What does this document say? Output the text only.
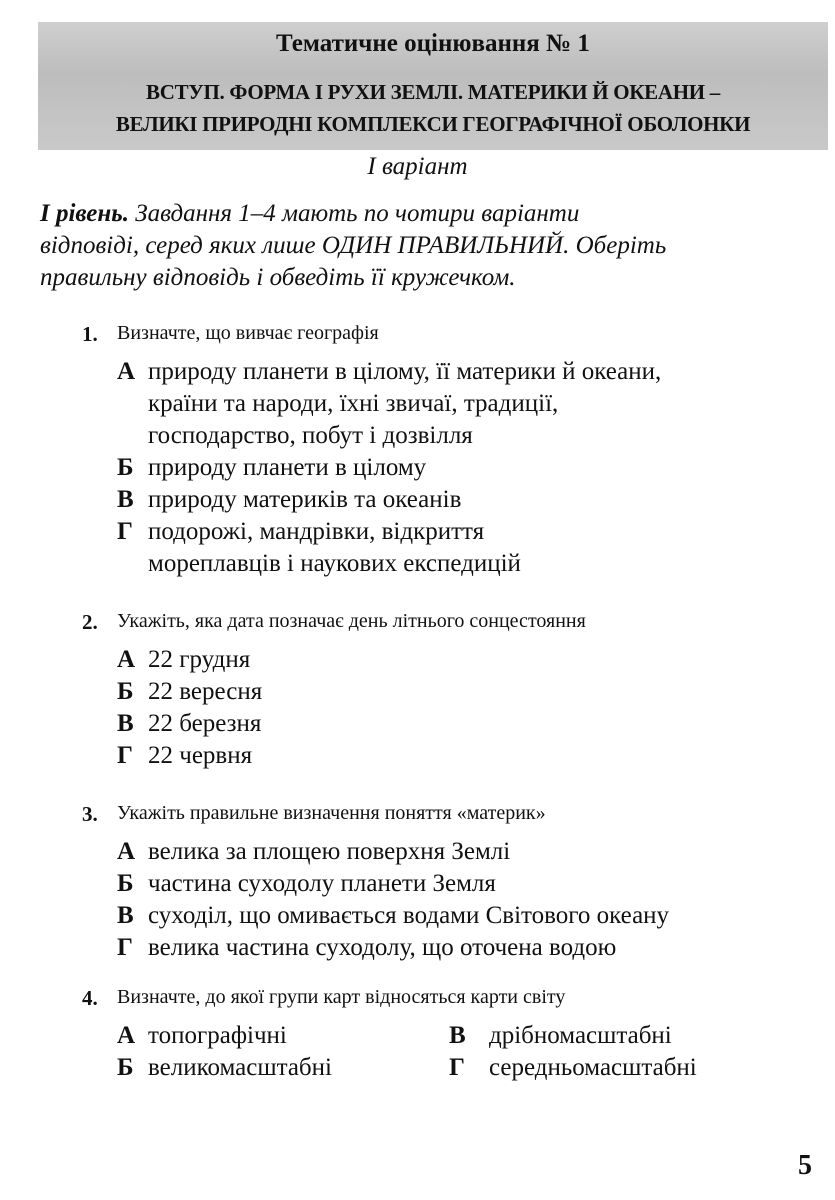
Тематичне оцінювання № 1
ВСТУП. ФОРМА І РУХИ ЗЕМЛІ. МАТЕРИКИ Й ОКЕАНИ –
ВЕЛИКІ ПРИРОДНІ КОМПЛЕКСИ ГЕОГРАФІЧНОЇ ОБОЛОНКИ
І варіант
І рівень. Завдання 1–4 мають по чотири варіанти
відповіді, серед яких лише ОДИН ПРАВИЛЬНИЙ. Оберіть
правильну відповідь і обведіть її кружечком.
1. Визначте, що вивчає географія
А природу планети в цілому, її материки й океани,
країни та народи, їхні звичаї, традиції,
господарство, побут і дозвілля
Б природу планети в цілому
В природу материків та океанів
Г подорожі, мандрівки, відкриття
мореплавців і наукових експедицій
2. Укажіть, яка дата позначає день літнього сонцестояння
А 22 грудня
Б 22 вересня
В 22 березня
Г 22 червня
3. Укажіть правильне визначення поняття «материк»
А велика за площею поверхня Землі
Б частина суходолу планети Земля
В суходіл, що омивається водами Світового океану
Г велика частина суходолу, що оточена водою
4. Визначте, до якої групи карт відносяться карти світу
А топографічні
Б великомасштабні
В дрібномасштабні
Г середньомасштабні
5
